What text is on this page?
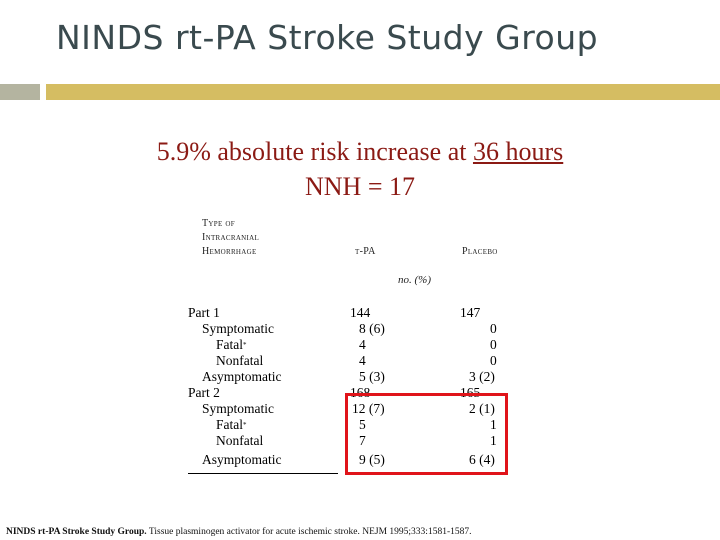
NINDS rt-PA Stroke Study Group
5.9% absolute risk increase at 36 hours
NNH = 17
Type of
Intracranial
Hemorrhage	t-PA	Placebo
no. (%)
Part 1	144	147
Symptomatic	8 (6)	0
Fatal*	4	0
Nonfatal	4	0
Asymptomatic	5 (3)	3 (2)
Part 2	168	165
Symptomatic	12 (7)	2 (1)
Fatal*	5	1
Nonfatal	7	1
Asymptomatic	9 (5)	6 (4)
NINDS rt-PA Stroke Study Group. Tissue plasminogen activator for acute ischemic stroke. NEJM 1995;333:1581-1587.
